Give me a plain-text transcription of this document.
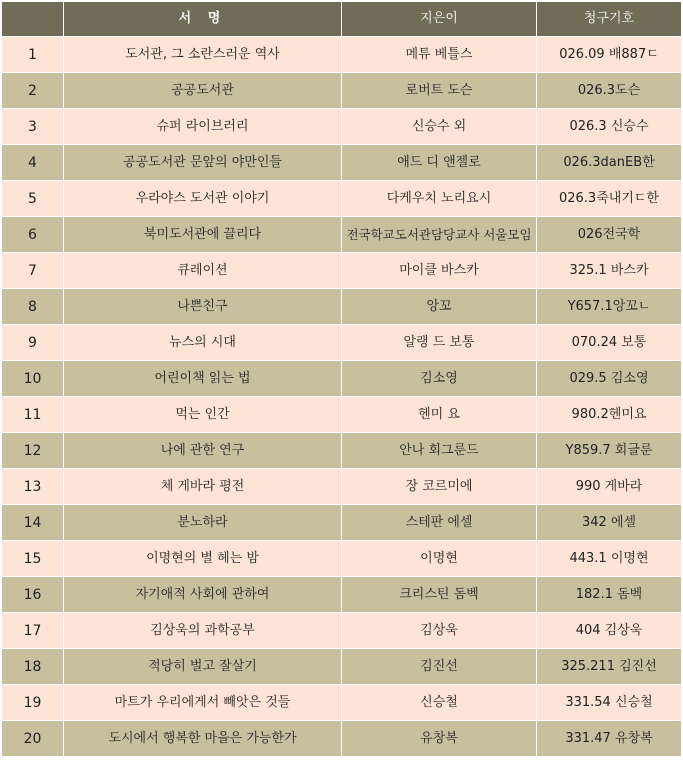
	서 명	지은이	청구기호
1	도서관, 그 소란스러운 역사	메튜 베틀스	026.09 배887ㄷ
2	공공도서관	로버트 도슨	026.3도슨
3	슈퍼 라이브러리	신승수 외	026.3 신승수
4	공공도서관 문앞의 야만인들	애드 디 앤젤로	026.3danEB한
5	우라야스 도서관 이야기	다케우치 노리요시	026.3죽내기ㄷ한
6	북미도서관에 끌리다	전국학교도서관담당교사 서울모임	026전국학
7	큐레이션	마이클 바스카	325.1 바스카
8	나쁜친구	앙꼬	Y657.1앙꼬ㄴ
9	뉴스의 시대	알랭 드 보통	070.24 보통
10	어린이책 읽는 법	김소영	029.5 김소영
11	먹는 인간	헨미 요	980.2헨미요
12	나에 관한 연구	안나 회그룬드	Y859.7 회글룬
13	체 게바라 평전	장 코르미에	990 게바라
14	분노하라	스테판 에셀	342 에셀
15	이명현의 별 헤는 밤	이명현	443.1 이명현
16	자기애적 사회에 관하여	크리스틴 돔벡	182.1 돔벡
17	김상욱의 과학공부	김상욱	404 김상욱
18	적당히 벌고 잘살기	김진선	325.211 김진선
19	마트가 우리에게서 빼앗은 것들	신승철	331.54 신승철
20	도시에서 행복한 마을은 가능한가	유창복	331.47 유창복
